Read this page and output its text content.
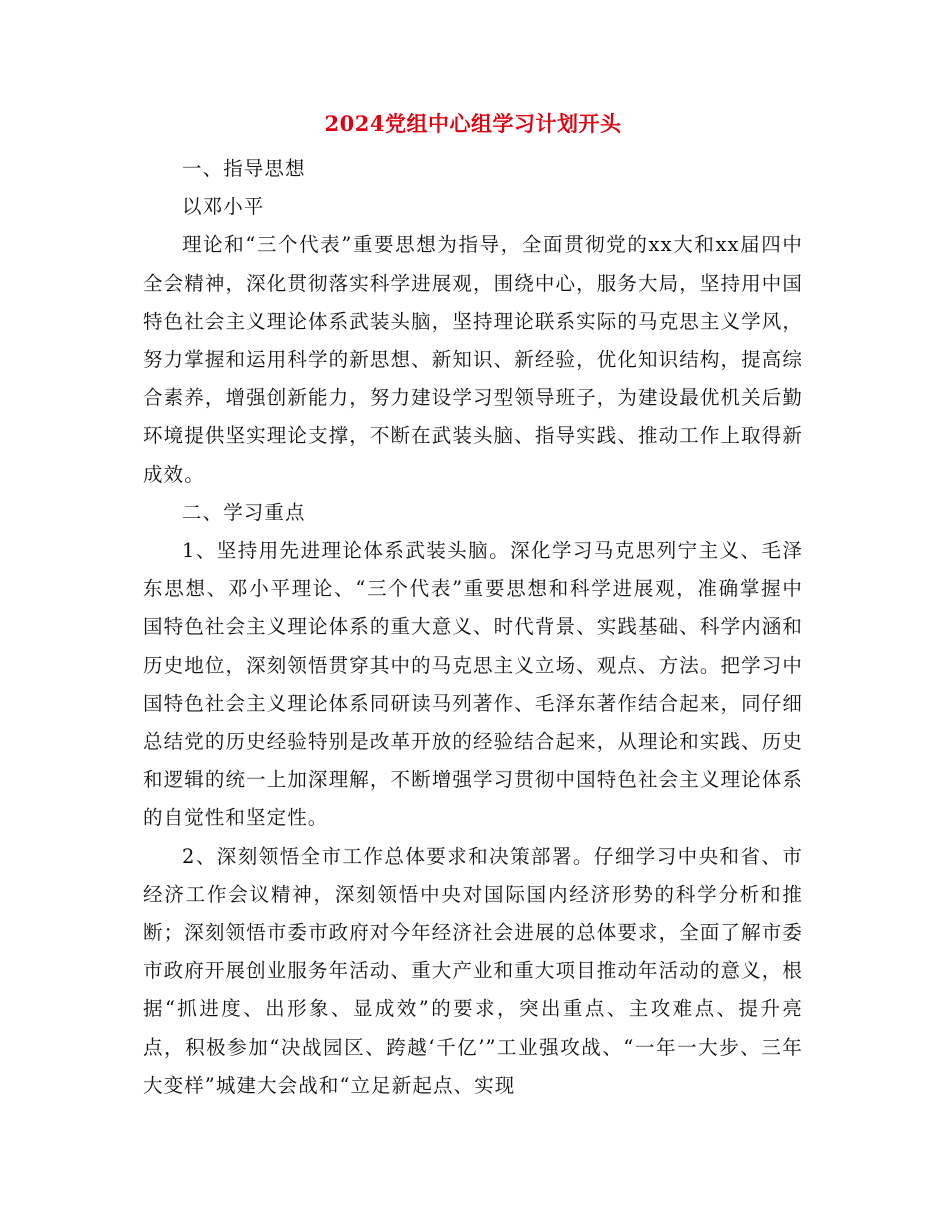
2024党组中心组学习计划开头

一、指导思想

以邓小平

理论和“三个代表”重要思想为指导，全面贯彻党的xx大和xx届四中全会精神，深化贯彻落实科学进展观，围绕中心，服务大局，坚持用中国特色社会主义理论体系武装头脑，坚持理论联系实际的马克思主义学风，努力掌握和运用科学的新思想、新知识、新经验，优化知识结构，提高综合素养，增强创新能力，努力建设学习型领导班子，为建设最优机关后勤环境提供坚实理论支撑，不断在武装头脑、指导实践、推动工作上取得新成效。

二、学习重点

1、坚持用先进理论体系武装头脑。深化学习马克思列宁主义、毛泽东思想、邓小平理论、“三个代表”重要思想和科学进展观，准确掌握中国特色社会主义理论体系的重大意义、时代背景、实践基础、科学内涵和历史地位，深刻领悟贯穿其中的马克思主义立场、观点、方法。把学习中国特色社会主义理论体系同研读马列著作、毛泽东著作结合起来，同仔细总结党的历史经验特别是改革开放的经验结合起来，从理论和实践、历史和逻辑的统一上加深理解，不断增强学习贯彻中国特色社会主义理论体系的自觉性和坚定性。

2、深刻领悟全市工作总体要求和决策部署。仔细学习中央和省、市经济工作会议精神，深刻领悟中央对国际国内经济形势的科学分析和推断；深刻领悟市委市政府对今年经济社会进展的总体要求，全面了解市委市政府开展创业服务年活动、重大产业和重大项目推动年活动的意义，根据“抓进度、出形象、显成效”的要求，突出重点、主攻难点、提升亮点，积极参加“决战园区、跨越‘千亿’”工业强攻战、“一年一大步、三年大变样”城建大会战和“立足新起点、实现
